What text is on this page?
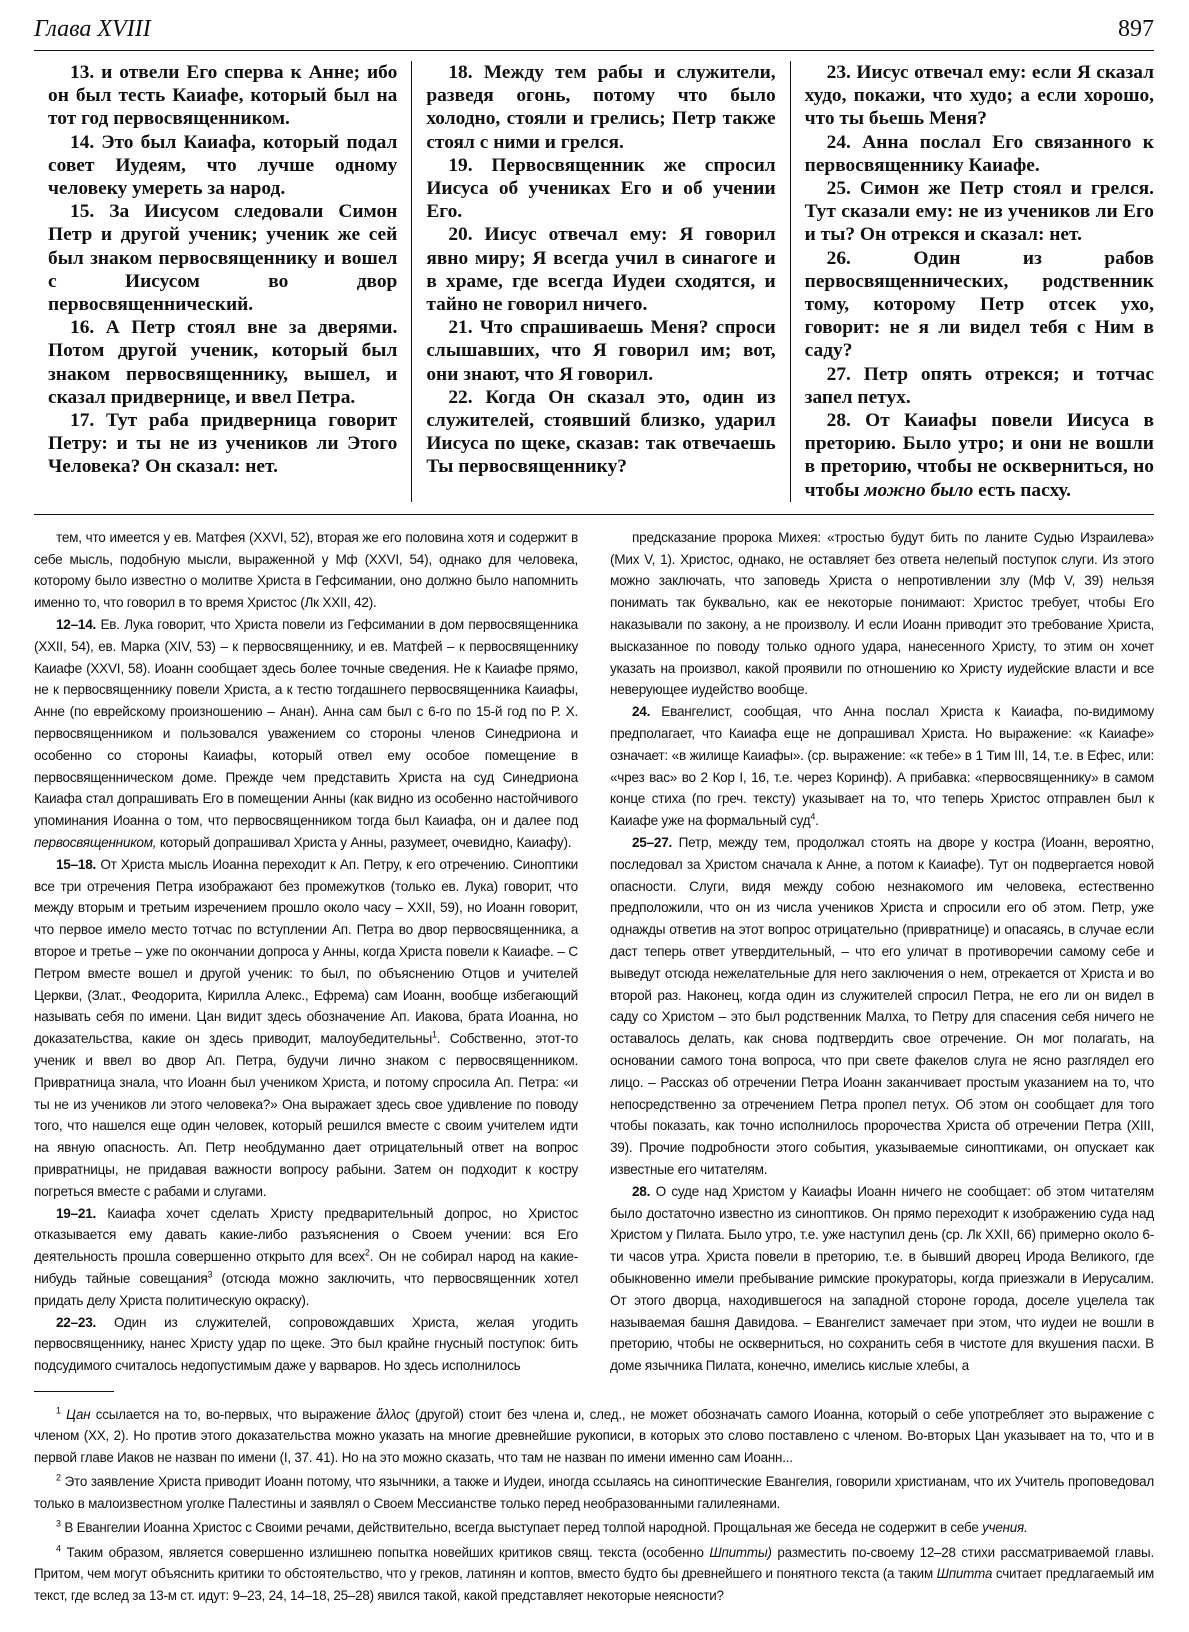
Глава XVIII	897

13. и отвели Его сперва к Анне; ибо он был тесть Каиафе, который был на тот год первосвященником.

14. Это был Каиафа, который подал совет Иудеям, что лучше одному человеку умереть за народ.

15. За Иисусом следовали Симон Петр и другой ученик; ученик же сей был знаком первосвященнику и вошел с Иисусом во двор первосвященнический.

16. А Петр стоял вне за дверями. Потом другой ученик, который был знаком первосвященнику, вышел, и сказал придвернице, и ввел Петра.

17. Тут раба придверница говорит Петру: и ты не из учеников ли Этого Человека? Он сказал: нет.

18. Между тем рабы и служители, разведя огонь, потому что было холодно, стояли и грелись; Петр также стоял с ними и грелся.

19. Первосвященник же спросил Иисуса об учениках Его и об учении Его.

20. Иисус отвечал ему: Я говорил явно миру; Я всегда учил в синагоге и в храме, где всегда Иудеи сходятся, и тайно не говорил ничего.

21. Что спрашиваешь Меня? спроси слышавших, что Я говорил им; вот, они знают, что Я говорил.

22. Когда Он сказал это, один из служителей, стоявший близко, ударил Иисуса по щеке, сказав: так отвечаешь Ты первосвященнику?

23. Иисус отвечал ему: если Я сказал худо, покажи, что худо; а если хорошо, что ты бьешь Меня?

24. Анна послал Его связанного к первосвященнику Каиафе.

25. Симон же Петр стоял и грелся. Тут сказали ему: не из учеников ли Его и ты? Он отрекся и сказал: нет.

26. Один из рабов первосвященнических, родственник тому, которому Петр отсек ухо, говорит: не я ли видел тебя с Ним в саду?

27. Петр опять отрекся; и тотчас запел петух.

28. От Каиафы повели Иисуса в преторию. Было утро; и они не вошли в преторию, чтобы не оскверниться, но чтобы можно было есть пасху.

тем, что имеется у ев. Матфея (XXVI, 52), вторая же его половина хотя и содержит в себе мысль, подобную мысли, выраженной у Мф (XXVI, 54), однако для человека, которому было известно о молитве Христа в Гефсимании, оно должно было напомнить именно то, что говорил в то время Христос (Лк XXII, 42).

12–14. Ев. Лука говорит, что Христа повели из Гефсимании в дом первосвященника (XXII, 54), ев. Марка (XIV, 53) – к первосвященнику, и ев. Матфей – к первосвященнику Каиафе (XXVI, 58). Иоанн сообщает здесь более точные сведения. Не к Каиафе прямо, не к первосвященнику повели Христа, а к тестю тогдашнего первосвященника Каиафы, Анне (по еврейскому произношению – Анан). Анна сам был с 6-го по 15-й год по Р. Х. первосвященником и пользовался уважением со стороны членов Синедриона и особенно со стороны Каиафы, который отвел ему особое помещение в первосвященническом доме. Прежде чем представить Христа на суд Синедриона Каиафа стал допрашивать Его в помещении Анны (как видно из особенно настойчивого упоминания Иоанна о том, что первосвященником тогда был Каиафа, он и далее под первосвященником, который допрашивал Христа у Анны, разумеет, очевидно, Каиафу).

15–18. От Христа мысль Иоанна переходит к Ап. Петру, к его отречению. Синоптики все три отречения Петра изображают без промежутков (только ев. Лука) говорит, что между вторым и третьим изречением прошло около часу – XXII, 59), но Иоанн говорит, что первое имело место тотчас по вступлении Ап. Петра во двор первосвященника, а второе и третье – уже по окончании допроса у Анны, когда Христа повели к Каиафе. – С Петром вместе вошел и другой ученик: то был, по объяснению Отцов и учителей Церкви, (Злат., Феодорита, Кирилла Алекс., Ефрема) сам Иоанн, вообще избегающий называть себя по имени. Цан видит здесь обозначение Ап. Иакова, брата Иоанна, но доказательства, какие он здесь приводит, малоубедительны$^1$. Собственно, этот-то ученик и ввел во двор Ап. Петра, будучи лично знаком с первосвященником. Привратница знала, что Иоанн был учеником Христа, и потому спросила Ап. Петра: «и ты не из учеников ли этого человека?» Она выражает здесь свое удивление по поводу того, что нашелся еще один человек, который решился вместе с своим учителем идти на явную опасность. Ап. Петр необдуманно дает отрицательный ответ на вопрос привратницы, не придавая важности вопросу рабыни. Затем он подходит к костру погреться вместе с рабами и слугами.

19–21. Каиафа хочет сделать Христу предварительный допрос, но Христос отказывается ему давать какие-либо разъяснения о Своем учении: вся Его деятельность прошла совершенно открыто для всех$^2$. Он не собирал народ на какие-нибудь тайные совещания$^3$ (отсюда можно заключить, что первосвященник хотел придать делу Христа политическую окраску).

22–23. Один из служителей, сопровождавших Христа, желая угодить первосвященнику, нанес Христу удар по щеке. Это был крайне гнусный поступок: бить подсудимого считалось недопустимым даже у варваров. Но здесь исполнилось

предсказание пророка Михея: «тростью будут бить по ланите Судью Израилева» (Мих V, 1). Христос, однако, не оставляет без ответа нелепый поступок слуги. Из этого можно заключать, что заповедь Христа о непротивлении злу (Мф V, 39) нельзя понимать так буквально, как ее некоторые понимают: Христос требует, чтобы Его наказывали по закону, а не произволу. И если Иоанн приводит это требование Христа, высказанное по поводу только одного удара, нанесенного Христу, то этим он хочет указать на произвол, какой проявили по отношению ко Христу иудейские власти и все неверующее иудейство вообще.

24. Евангелист, сообщая, что Анна послал Христа к Каиафа, по-видимому предполагает, что Каиафа еще не допрашивал Христа. Но выражение: «к Каиафе» означает: «в жилище Каиафы». (ср. выражение: «к тебе» в 1 Тим III, 14, т.е. в Ефес, или: «чрез вас» во 2 Кор I, 16, т.е. через Коринф). А прибавка: «первосвященнику» в самом конце стиха (по греч. тексту) указывает на то, что теперь Христос отправлен был к Каиафе уже на формальный суд$^4$.

25–27. Петр, между тем, продолжал стоять на дворе у костра (Иоанн, вероятно, последовал за Христом сначала к Анне, а потом к Каиафе). Тут он подвергается новой опасности. Слуги, видя между собою незнакомого им человека, естественно предположили, что он из числа учеников Христа и спросили его об этом. Петр, уже однажды ответив на этот вопрос отрицательно (привратнице) и опасаясь, в случае если даст теперь ответ утвердительный, – что его уличат в противоречии самому себе и выведут отсюда нежелательные для него заключения о нем, отрекается от Христа и во второй раз. Наконец, когда один из служителей спросил Петра, не его ли он видел в саду со Христом – это был родственник Малха, то Петру для спасения себя ничего не оставалось делать, как снова подтвердить свое отречение. Он мог полагать, на основании самого тона вопроса, что при свете факелов слуга не ясно разглядел его лицо. – Рассказ об отречении Петра Иоанн заканчивает простым указанием на то, что непосредственно за отречением Петра пропел петух. Об этом он сообщает для того чтобы показать, как точно исполнилось пророчества Христа об отречении Петра (XIII, 39). Прочие подробности этого события, указываемые синоптиками, он опускает как известные его читателям.

28. О суде над Христом у Каиафы Иоанн ничего не сообщает: об этом читателям было достаточно известно из синоптиков. Он прямо переходит к изображению суда над Христом у Пилата. Было утро, т.е. уже наступил день (ср. Лк XXII, 66) примерно около 6-ти часов утра. Христа повели в преторию, т.е. в бывший дворец Ирода Великого, где обыкновенно имели пребывание римские прокураторы, когда приезжали в Иерусалим. От этого дворца, находившегося на западной стороне города, доселе уцелела так называемая башня Давидова. – Евангелист замечает при этом, что иудеи не вошли в преторию, чтобы не оскверниться, но сохранить себя в чистоте для вкушения пасхи. В доме язычника Пилата, конечно, имелись кислые хлебы, а

$^1$ Цан ссылается на то, во-первых, что выражение ἄλλος (другой) стоит без члена и, след., не может обозначать самого Иоанна, который о себе употребляет это выражение с членом (XX, 2). Но против этого доказательства можно указать на многие древнейшие рукописи, в которых это слово поставлено с членом. Во-вторых Цан указывает на то, что и в первой главе Иаков не назван по имени (I, 37. 41). Но на это можно сказать, что там не назван по имени именно сам Иоанн...

$^2$ Это заявление Христа приводит Иоанн потому, что язычники, а также и Иудеи, иногда ссылаясь на синоптические Евангелия, говорили христианам, что их Учитель проповедовал только в малоизвестном уголке Палестины и заявлял о Своем Мессианстве только перед необразованными галилеянами.

$^3$ В Евангелии Иоанна Христос с Своими речами, действительно, всегда выступает перед толпой народной. Прощальная же беседа не содержит в себе учения.

$^4$ Таким образом, является совершенно излишнею попытка новейших критиков свящ. текста (особенно Шпитты) разместить по-своему 12–28 стихи рассматриваемой главы. Притом, чем могут объяснить критики то обстоятельство, что у греков, латинян и коптов, вместо будто бы древнейшего и понятного текста (а таким Шпитта считает предлагаемый им текст, где вслед за 13-м ст. идут: 9–23, 24, 14–18, 25–28) явился такой, какой представляет некоторые неясности?
